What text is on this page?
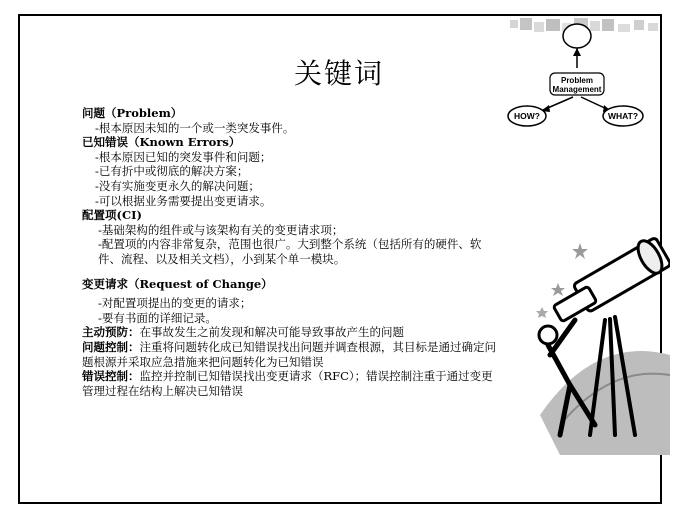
关键词	Problem
Management
HOW?	WHAT?

问题（Problem）

-根本原因未知的一个或一类突发事件。

已知错误（Known Errors）

-根本原因已知的突发事件和问题；

-已有折中或彻底的解决方案；

-没有实施变更永久的解决问题；

-可以根据业务需要提出变更请求。

配置项(CI)

-基础架构的组件或与该架构有关的变更请求项；

-配置项的内容非常复杂，范围也很广。大到整个系统（包括所有的硬件、软件、流程、以及相关文档），小到某个单一模块。

变更请求（Request of Change）

-对配置项提出的变更的请求；

-要有书面的详细记录。

主动预防：在事故发生之前发现和解决可能导致事故产生的问题

问题控制：注重将问题转化成已知错误找出问题并调查根源，其目标是通过确定问题根源并采取应急措施来把问题转化为已知错误

错误控制：监控并控制已知错误找出变更请求（RFC）；错误控制注重于通过变更管理过程在结构上解决已知错误
